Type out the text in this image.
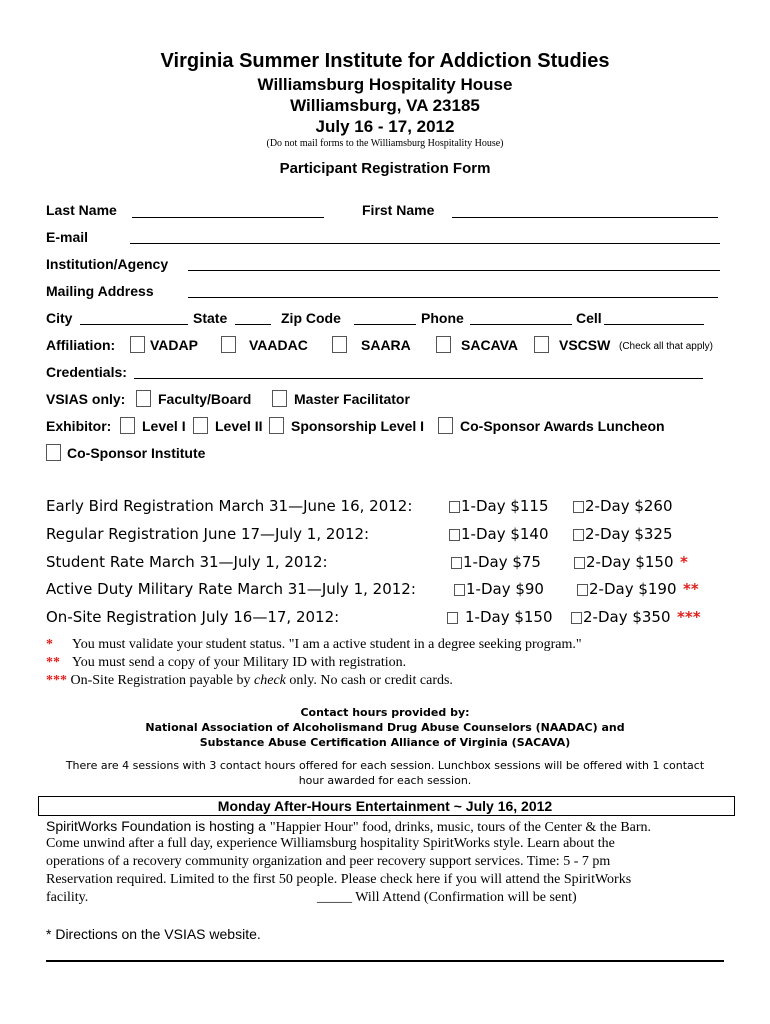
Virginia Summer Institute for Addiction Studies
Williamsburg Hospitality House
Williamsburg, VA 23185
July 16 - 17, 2012
(Do not mail forms to the Williamsburg Hospitality House)
Participant Registration Form
Last Name	First Name
E-mail
Institution/Agency
Mailing Address
City	State	Zip Code	Phone	Cell
Affiliation: VADAP	VAADAC	SAARA	SACAVA	VSCSW (Check all that apply)
Credentials:
VSIAS only: Faculty/Board	Master Facilitator
Exhibitor: Level I Level II Sponsorship Level I	Co-Sponsor Awards Luncheon
Co-Sponsor Institute
Early Bird Registration March 31—June 16, 2012:	1-Day $115 2-Day $260
Regular Registration June 17—July 1, 2012:	1-Day $140 2-Day $325
Student Rate March 31—July 1, 2012:	1-Day $75	2-Day $150 *
Active Duty Military Rate March 31—July 1, 2012:	1-Day $90	2-Day $190 **
On-Site Registration July 16—17, 2012:	1-Day $150 2-Day $350 ***
* You must validate your student status. "I am a active student in a degree seeking program."
** You must send a copy of your Military ID with registration.
*** On-Site Registration payable by check only. No cash or credit cards.
Contact hours provided by:
National Association of Alcoholismand Drug Abuse Counselors (NAADAC) and
Substance Abuse Certification Alliance of Virginia (SACAVA)
There are 4 sessions with 3 contact hours offered for each session. Lunchbox sessions will be offered with 1 contact
hour awarded for each session.
Monday After-Hours Entertainment ~ July 16, 2012
SpiritWorks Foundation is hosting a "Happier Hour" food, drinks, music, tours of the Center & the Barn.
Come unwind after a full day, experience Williamsburg hospitality SpiritWorks style. Learn about the
operations of a recovery community organization and peer recovery support services. Time: 5 - 7 pm
Reservation required. Limited to the first 50 people. Please check here if you will attend the SpiritWorks
facility.	_____ Will Attend (Confirmation will be sent)
* Directions on the VSIAS website.
